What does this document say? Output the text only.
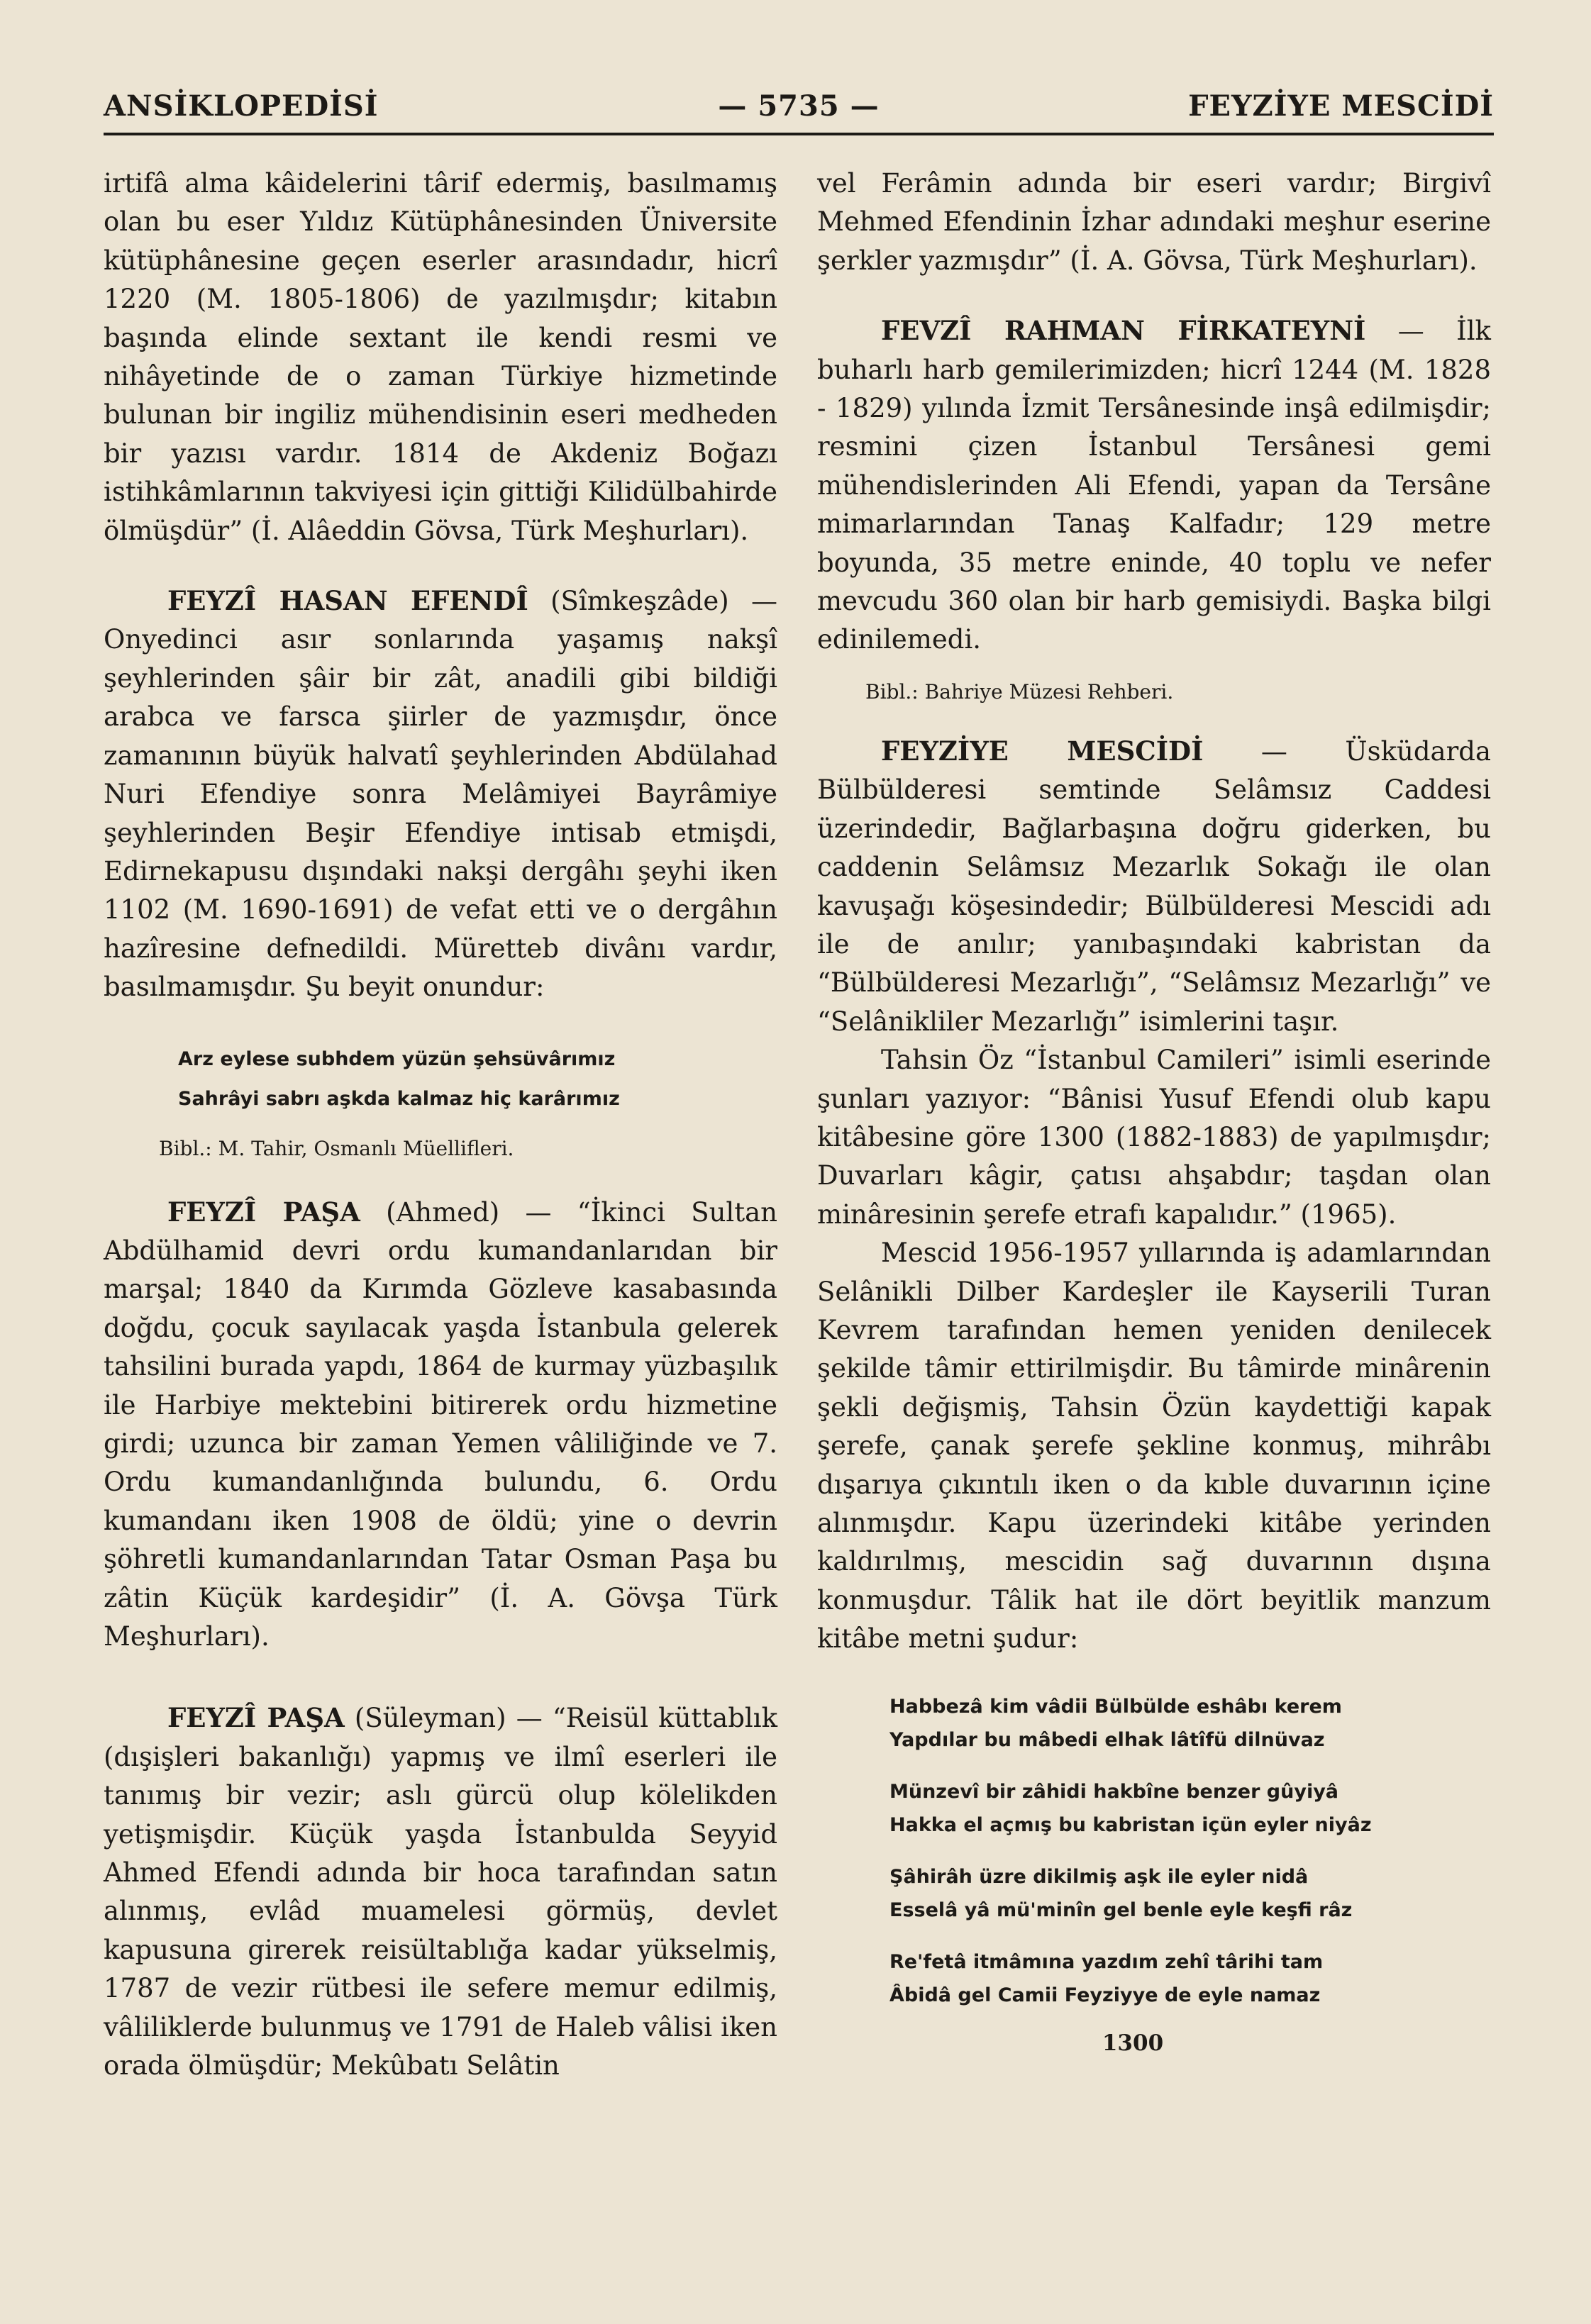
ANSİKLOPEDİSİ	— 5735 —	FEYZİYE MESCİDİ

irtifâ alma kâidelerini târif edermiş, basılmamış olan bu eser Yıldız Kütüphânesinden Üniversite kütüphânesine geçen eserler arasındadır, hicrî 1220 (M. 1805-1806) de yazılmışdır; kitabın başında elinde sextant ile kendi resmi ve nihâyetinde de o zaman Türkiye hizmetinde bulunan bir ingiliz mühendisinin eseri medheden bir yazısı vardır. 1814 de Akdeniz Boğazı istihkâmlarının takviyesi için gittiği Kilidülbahirde ölmüşdür” (İ. Alâeddin Gövsa, Türk Meşhurları).

FEYZÎ HASAN EFENDÎ (Sîmkeşzâde) — Onyedinci asır sonlarında yaşamış nakşî şeyhlerinden şâir bir zât, anadili gibi bildiği arabca ve farsca şiirler de yazmışdır, önce zamanının büyük halvatî şeyhlerinden Abdülahad Nuri Efendiye sonra Melâmiyei Bayrâmiye şeyhlerinden Beşir Efendiye intisab etmişdi, Edirnekapusu dışındaki nakşi dergâhı şeyhi iken 1102 (M. 1690-1691) de vefat etti ve o dergâhın hazîresine defnedildi. Mürettеb divânı vardır, basılmamışdır. Şu beyit onundur:

Arz eylese subhdem yüzün şehsüvârımız
Sahrâyi sabrı aşkda kalmaz hiç karârımız

Bibl.: M. Tahir, Osmanlı Müellifleri.

FEYZÎ PAŞA (Ahmed) — “İkinci Sultan Abdülhamid devri ordu kumandanlarıdan bir marşal; 1840 da Kırımda Gözleve kasabasında doğdu, çocuk sayılacak yaşda İstanbula gelerek tahsilini burada yapdı, 1864 de kurmay yüzbaşılık ile Harbiye mektebini bitirerek ordu hizmetine girdi; uzunca bir zaman Yemen vâliliğinde ve 7. Ordu kumandanlığında bulundu, 6. Ordu kumandanı iken 1908 de öldü; yine o devrin şöhretli kumandanlarından Tatar Osman Paşa bu zâtin Küçük kardeşidir” (İ. A. Gövşa Türk Meşhurları).

FEYZÎ PAŞA (Süleyman) — “Reisül küttablık (dışişleri bakanlığı) yapmış ve ilmî eserleri ile tanımış bir vezir; aslı gürcü olup kölelikden yetişmişdir. Küçük yaşda İstanbulda Seyyid Ahmed Efendi adında bir hoca tarafından satın alınmış, evlâd muamelesi görmüş, devlet kapusuna girerek reisültablığa kadar yükselmiş, 1787 de vezir rütbesi ile sefere memur edilmiş, vâliliklerde bulunmuş ve 1791 de Haleb vâlisi iken orada ölmüşdür; Mekûbatı Selâtin

vel Ferâmin adında bir eseri vardır; Birgivî Mehmed Efendinin İzhar adındaki meşhur eserine şerkler yazmışdır” (İ. A. Gövsa, Türk Meşhurları).

FEVZÎ RAHMAN FİRKATEYNİ — İlk buharlı harb gemilerimizden; hicrî 1244 (M. 1828 - 1829) yılında İzmit Tersânesinde inşâ edilmişdir; resmini çizen İstanbul Tersânesi gemi mühendislerinden Ali Efendi, yapan da Tersâne mimarlarından Tanaş Kalfadır; 129 metre boyunda, 35 metre eninde, 40 toplu ve nefer mevcudu 360 olan bir harb gemisiydi. Başka bilgi edinilemedi.

Bibl.: Bahriye Müzesi Rehberi.

FEYZİYE MESCİDİ — Üsküdarda Bülbülderesi semtinde Selâmsız Caddesi üzerindedir, Bağlarbaşına doğru giderken, bu caddenin Selâmsız Mezarlık Sokağı ile olan kavuşağı köşesindedir; Bülbülderesi Mescidi adı ile de anılır; yanıbaşındaki kabristan da “Bülbülderesi Mezarlığı”, “Selâmsız Mezarlığı” ve “Selânikliler Mezarlığı” isimlerini taşır.

Tahsin Öz “İstanbul Camileri” isimli eserinde şunları yazıyor: “Bânisi Yusuf Efendi olub kapu kitâbesine göre 1300 (1882-1883) de yapılmışdır; Duvarları kâgir, çatısı ahşabdır; taşdan olan minâresinin şerefe etrafı kapalıdır.” (1965).

Mescid 1956-1957 yıllarında iş adamlarından Selânikli Dilber Kardeşler ile Kayserili Turan Kevrem tarafından hemen yeniden denilecek şekilde tâmir ettirilmişdir. Bu tâmirde minârenin şekli değişmiş, Tahsin Özün kaydettiği kapak şerefe, çanak şerefe şekline konmuş, mihrâbı dışarıya çıkıntılı iken o da kıble duvarının içine alınmışdır. Kapu üzerindeki kitâbe yerinden kaldırılmış, mescidin sağ duvarının dışına konmuşdur. Tâlik hat ile dört beyitlik manzum kitâbe metni şudur:

Habbezâ kim vâdii Bülbülde eshâbı kerem
Yapdılar bu mâbedi elhak lâtîfü dilnüvaz
Münzevî bir zâhidi hakbîne benzer gûyiyâ
Hakka el açmış bu kabristan içün eyler niyâz
Şâhirâh üzre dikilmiş aşk ile eyler nidâ
Esselâ yâ mü'minîn gel benle eyle keşfi râz
Re'fetâ itmâmına yazdım zehî târihi tam
Âbidâ gel Camii Feyziyye de eyle namaz
1300
